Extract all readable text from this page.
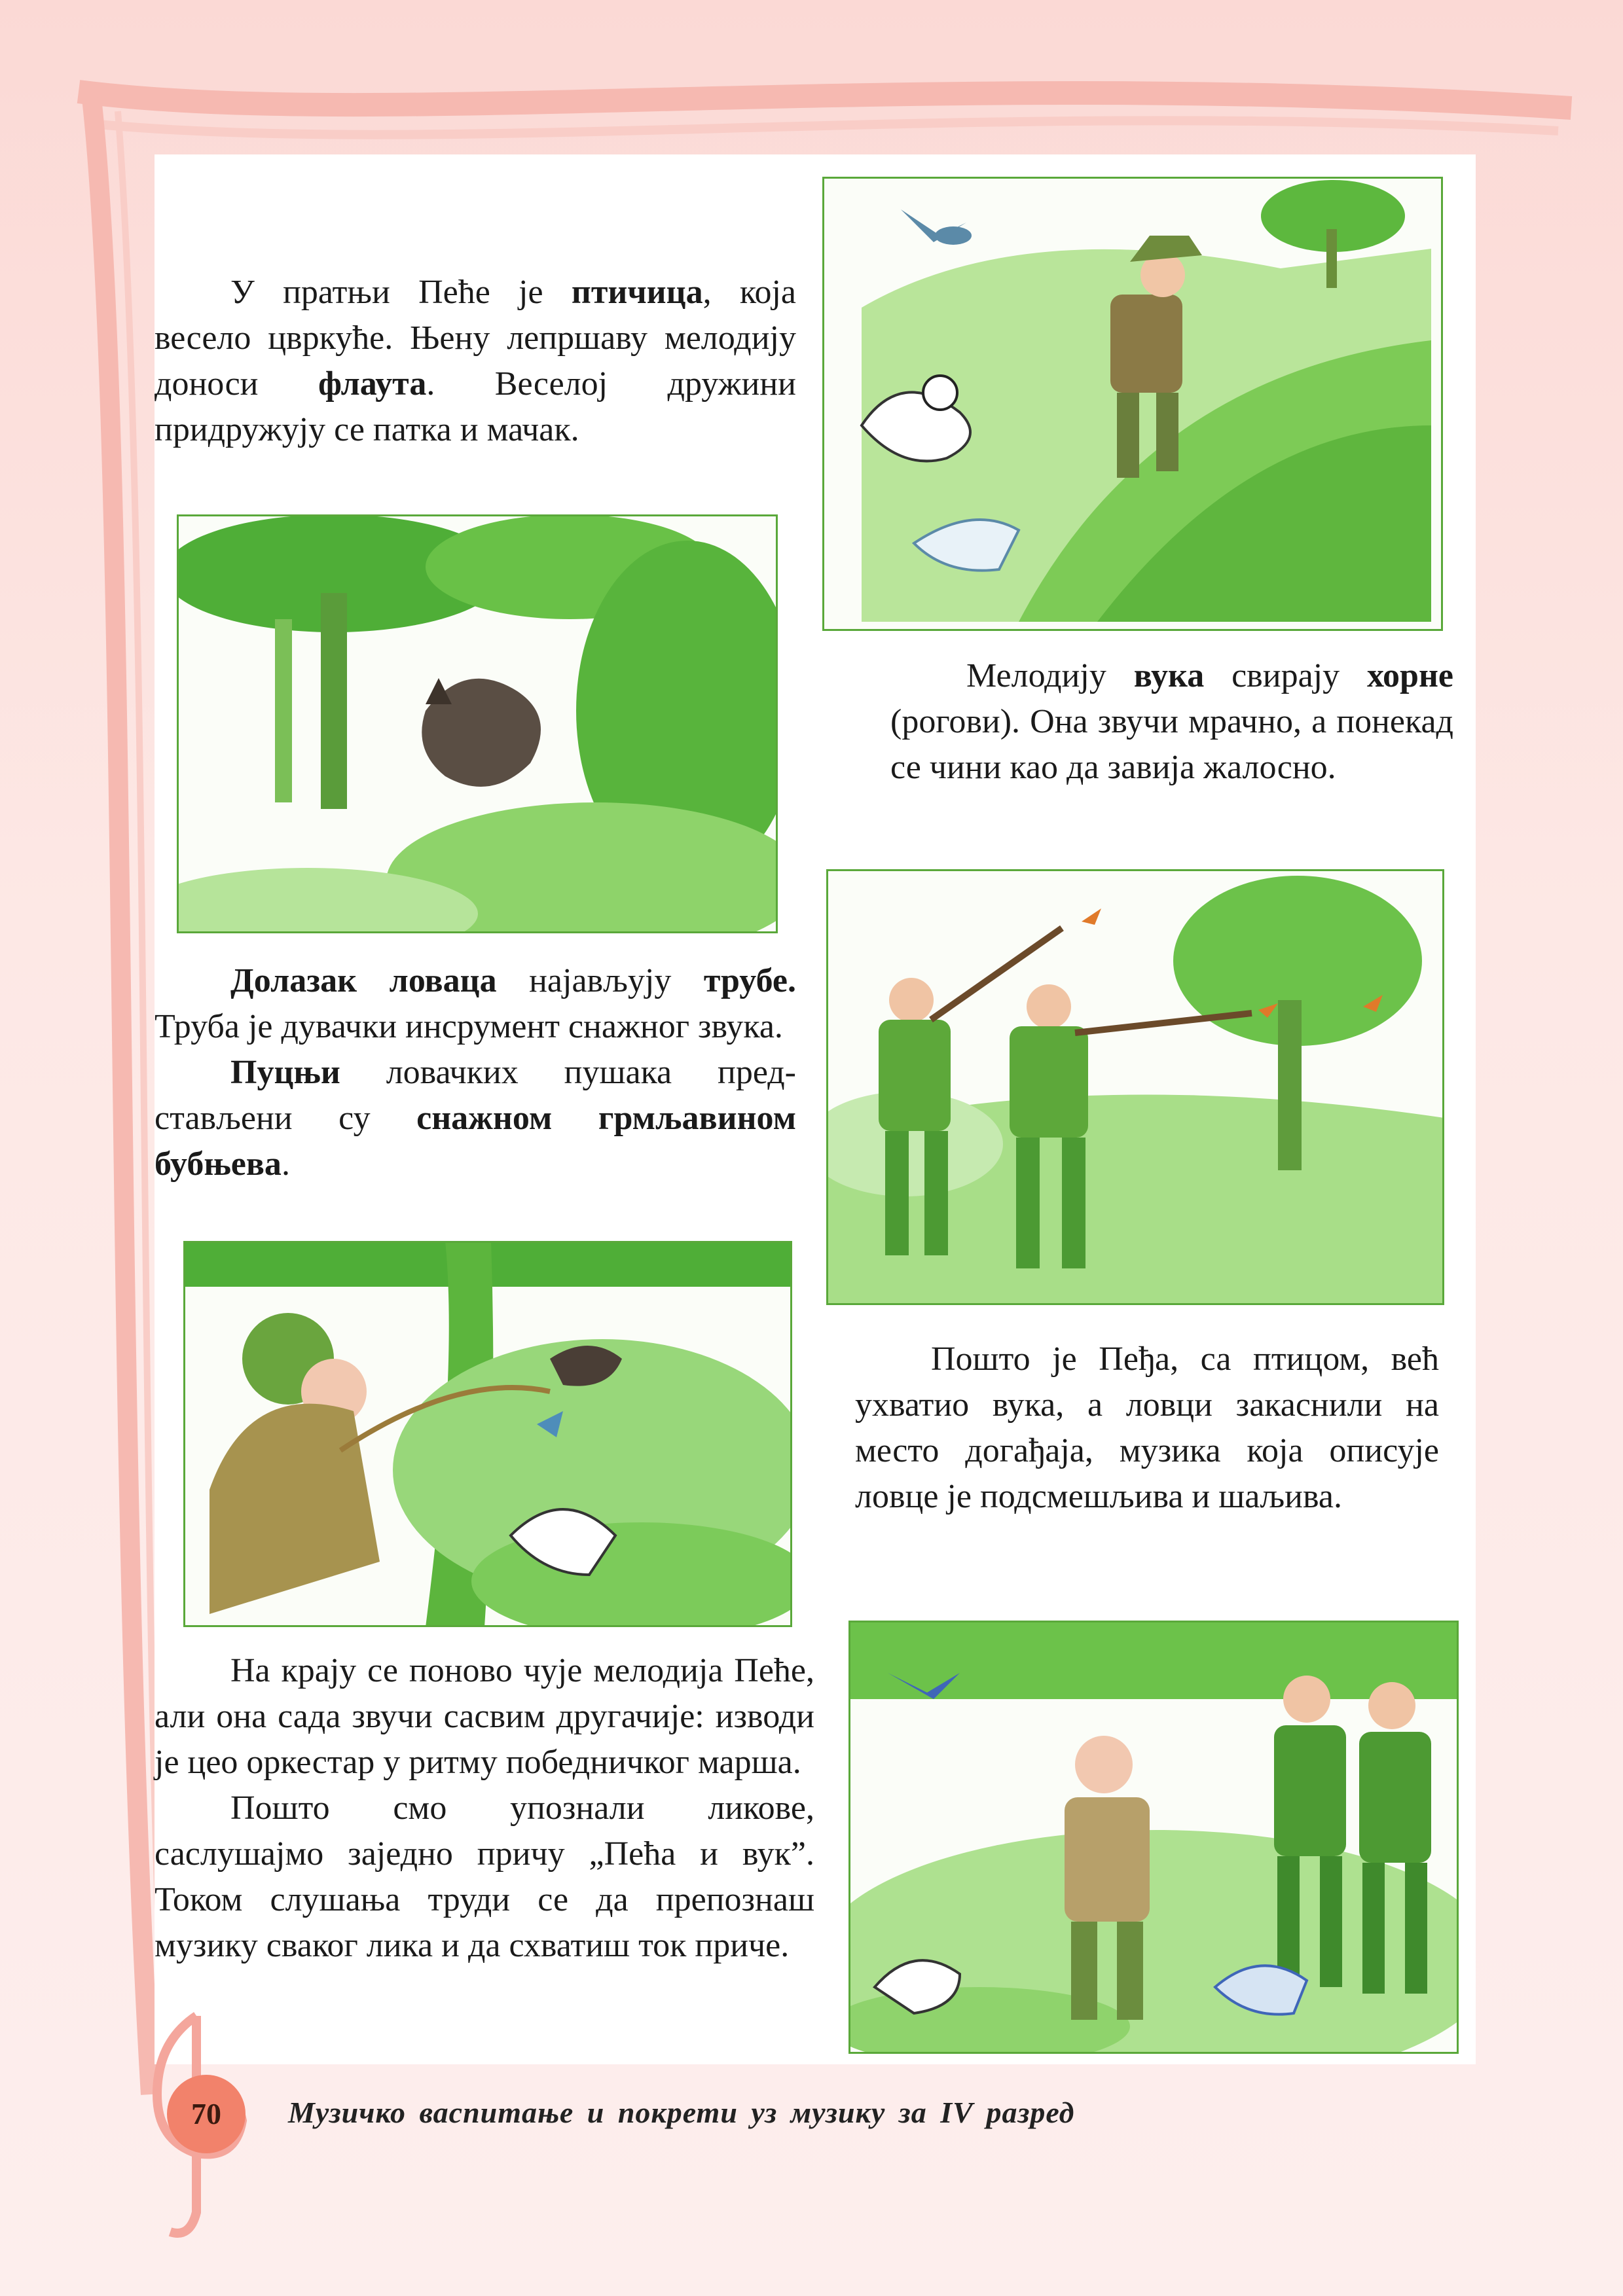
У пратњи Пеће је птичица, која весело цвркуће. Њену лепршаву мелодију доноси флаута. Веселој дружини придружују се патка и мачак.

Мелодију вука свирају хорне (рогови). Она звучи мрачно, а понекад се чини као да завија жалосно.

Долазак ловаца најављују трубе. Труба је дувачки инсрумент снажног звука.

Пуцњи ловачких пушака пред-стављени су снажном грмљавином бубњева.

Пошто је Пеђа, са птицом, већ ухватио вука, а ловци закаснили на место догађаја, музика која описује ловце је подсмешљива и шаљива.

На крају се поново чује мелодија Пеће, али она сада звучи сасвим другачије: изводи је цео оркестар у ритму победничког марша.

Пошто смо упознали ликове, саслушајмо заједно причу „Пећа и вук”. Током слушања труди се да препознаш музику сваког лика и да схватиш ток приче.

70	Музичко васпитање и покрети уз музику за IV разред
